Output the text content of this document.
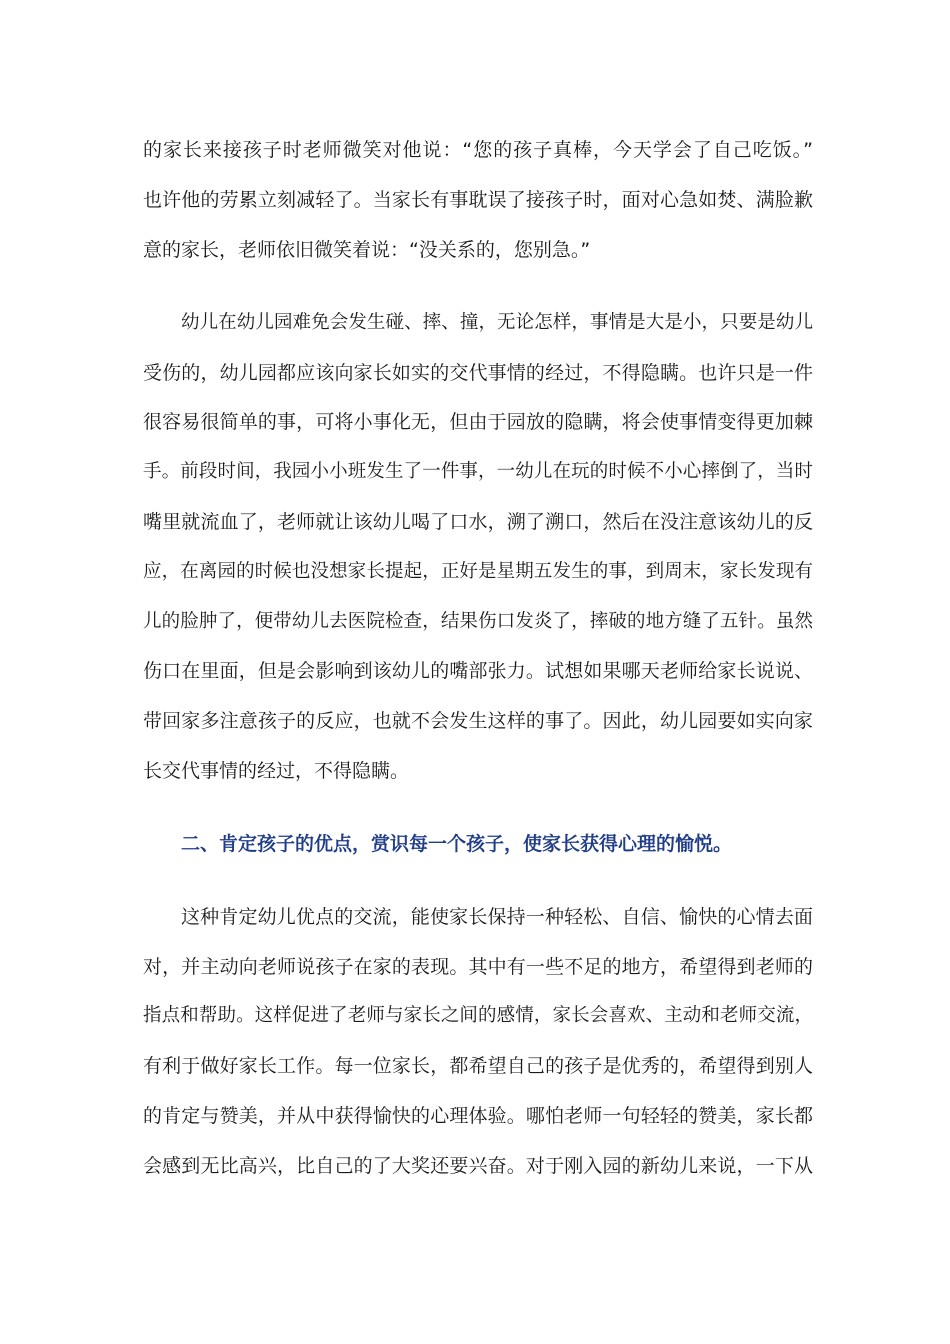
的家长来接孩子时老师微笑对他说：“您的孩子真棒，今天学会了自己吃饭。”
也许他的劳累立刻减轻了。当家长有事耽误了接孩子时，面对心急如焚、满脸歉
意的家长，老师依旧微笑着说：“没关系的，您别急。”
幼儿在幼儿园难免会发生碰、摔、撞，无论怎样，事情是大是小，只要是幼儿
受伤的，幼儿园都应该向家长如实的交代事情的经过，不得隐瞒。也许只是一件
很容易很简单的事，可将小事化无，但由于园放的隐瞒，将会使事情变得更加棘
手。前段时间，我园小小班发生了一件事，一幼儿在玩的时候不小心摔倒了，当时
嘴里就流血了，老师就让该幼儿喝了口水，溯了溯口，然后在没注意该幼儿的反
应，在离园的时候也没想家长提起，正好是星期五发生的事，到周末，家长发现有
儿的脸肿了，便带幼儿去医院检查，结果伤口发炎了，摔破的地方缝了五针。虽然
伤口在里面，但是会影响到该幼儿的嘴部张力。试想如果哪天老师给家长说说、
带回家多注意孩子的反应，也就不会发生这样的事了。因此，幼儿园要如实向家
长交代事情的经过，不得隐瞒。
二、肯定孩子的优点，赏识每一个孩子，使家长获得心理的愉悦。
这种肯定幼儿优点的交流，能使家长保持一种轻松、自信、愉快的心情去面
对，并主动向老师说孩子在家的表现。其中有一些不足的地方，希望得到老师的
指点和帮助。这样促进了老师与家长之间的感情，家长会喜欢、主动和老师交流，
有利于做好家长工作。每一位家长，都希望自己的孩子是优秀的，希望得到别人
的肯定与赞美，并从中获得愉快的心理体验。哪怕老师一句轻轻的赞美，家长都
会感到无比高兴，比自己的了大奖还要兴奋。对于刚入园的新幼儿来说，一下从
